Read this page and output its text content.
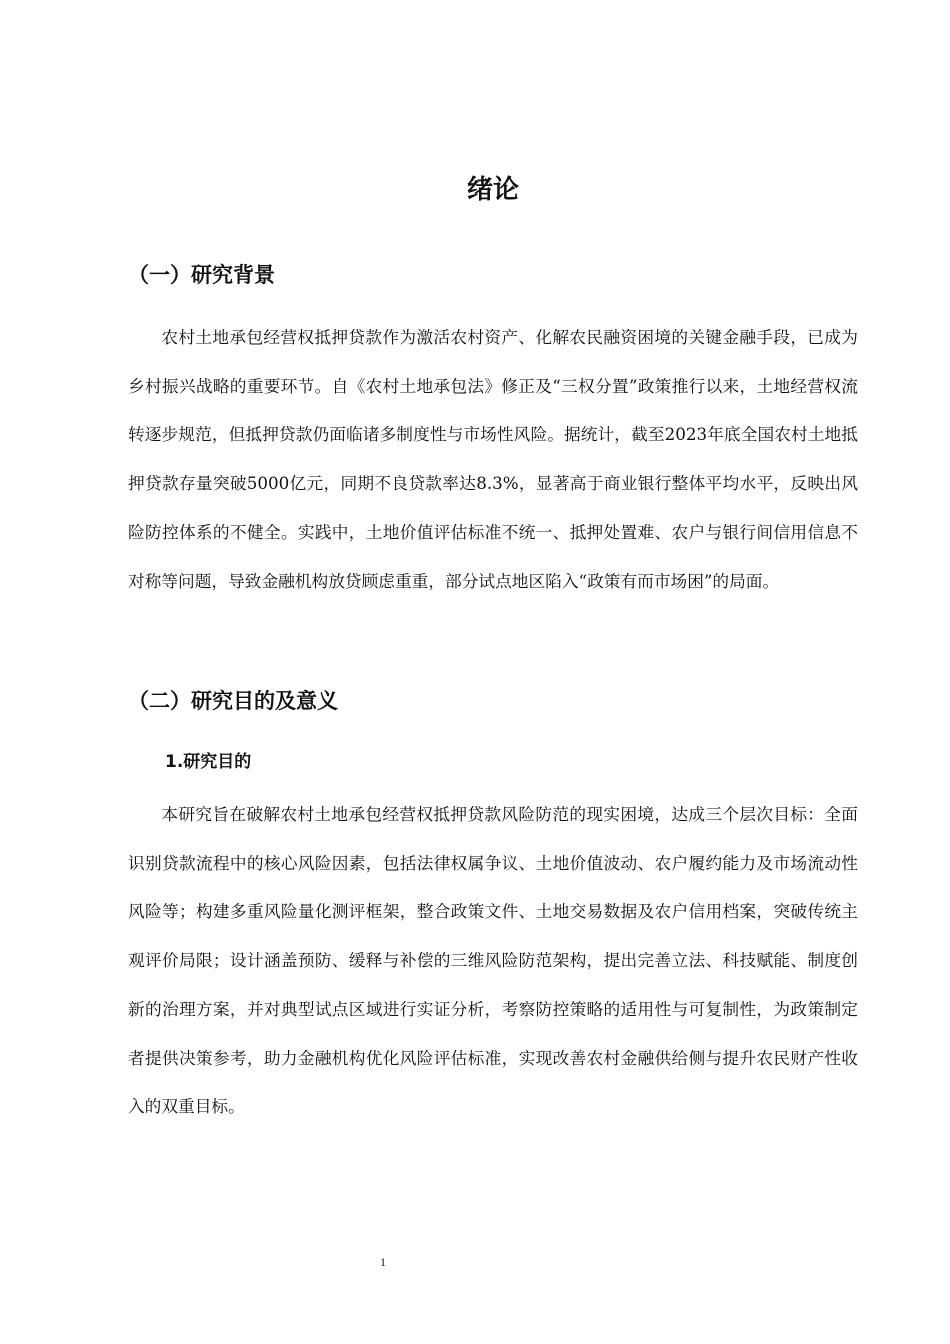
绪论
（一）研究背景

农村土地承包经营权抵押贷款作为激活农村资产、化解农民融资困境的关键金融手段，已成为乡村振兴战略的重要环节。自《农村土地承包法》修正及“三权分置”政策推行以来，土地经营权流转逐步规范，但抵押贷款仍面临诸多制度性与市场性风险。据统计，截至2023年底全国农村土地抵押贷款存量突破5000亿元，同期不良贷款率达8.3%，显著高于商业银行整体平均水平，反映出风险防控体系的不健全。实践中，土地价值评估标准不统一、抵押处置难、农户与银行间信用信息不对称等问题，导致金融机构放贷顾虑重重，部分试点地区陷入“政策有而市场困”的局面。

（二）研究目的及意义
1.研究目的

本研究旨在破解农村土地承包经营权抵押贷款风险防范的现实困境，达成三个层次目标：全面识别贷款流程中的核心风险因素，包括法律权属争议、土地价值波动、农户履约能力及市场流动性风险等；构建多重风险量化测评框架，整合政策文件、土地交易数据及农户信用档案，突破传统主观评价局限；设计涵盖预防、缓释与补偿的三维风险防范架构，提出完善立法、科技赋能、制度创新的治理方案，并对典型试点区域进行实证分析，考察防控策略的适用性与可复制性，为政策制定者提供决策参考，助力金融机构优化风险评估标准，实现改善农村金融供给侧与提升农民财产性收入的双重目标。

1
